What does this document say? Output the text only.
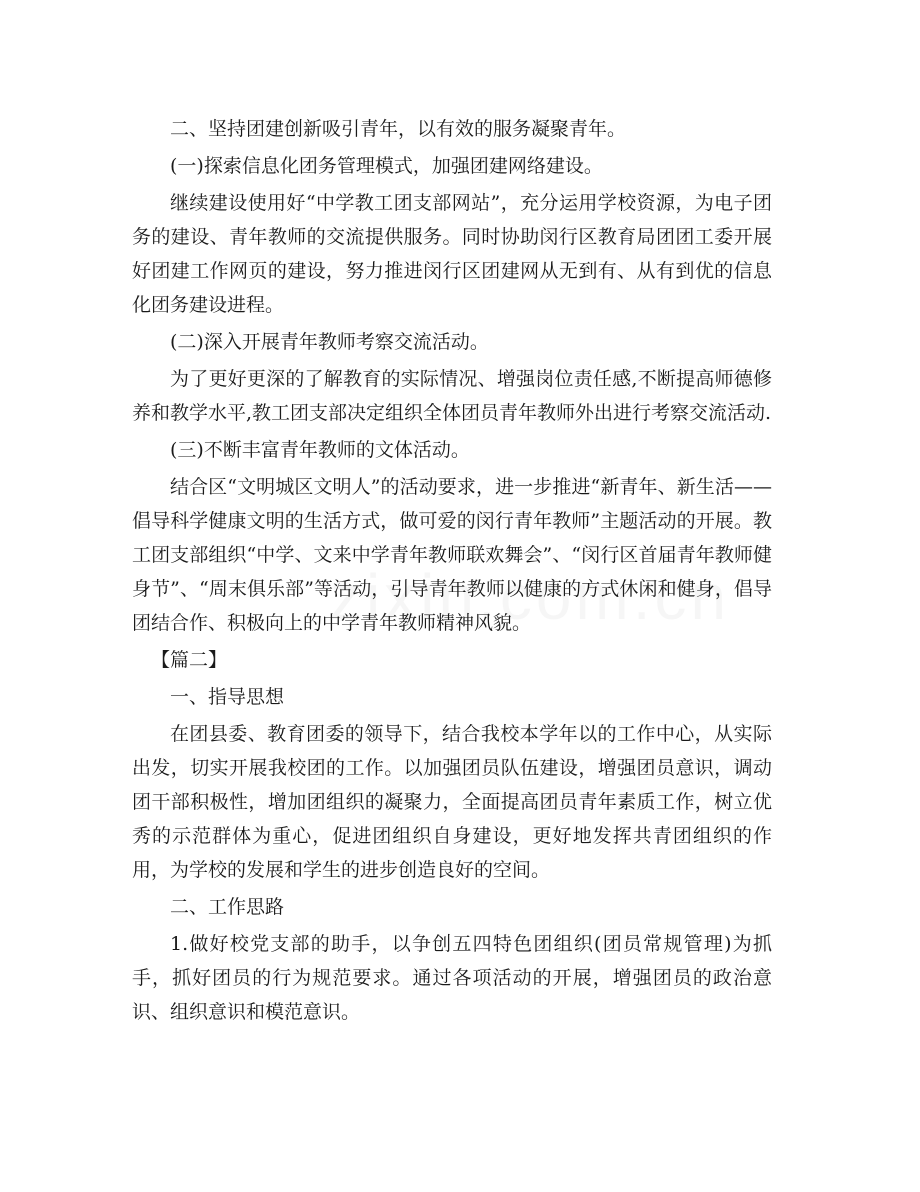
二、坚持团建创新吸引青年，以有效的服务凝聚青年。

(一)探索信息化团务管理模式，加强团建网络建设。

继续建设使用好“中学教工团支部网站”，充分运用学校资源，为电子团务的建设、青年教师的交流提供服务。同时协助闵行区教育局团团工委开展好团建工作网页的建设，努力推进闵行区团建网从无到有、从有到优的信息化团务建设进程。

(二)深入开展青年教师考察交流活动。

为了更好更深的了解教育的实际情况、增强岗位责任感,不断提高师德修养和教学水平,教工团支部决定组织全体团员青年教师外出进行考察交流活动.

(三)不断丰富青年教师的文体活动。

结合区“文明城区文明人”的活动要求，进一步推进“新青年、新生活——倡导科学健康文明的生活方式，做可爱的闵行青年教师”主题活动的开展。教工团支部组织“中学、文来中学青年教师联欢舞会”、“闵行区首届青年教师健身节”、“周末俱乐部”等活动，引导青年教师以健康的方式休闲和健身，倡导团结合作、积极向上的中学青年教师精神风貌。

【篇二】

一、指导思想

在团县委、教育团委的领导下，结合我校本学年以的工作中心，从实际出发，切实开展我校团的工作。以加强团员队伍建设，增强团员意识，调动团干部积极性，增加团组织的凝聚力，全面提高团员青年素质工作，树立优秀的示范群体为重心，促进团组织自身建设，更好地发挥共青团组织的作用，为学校的发展和学生的进步创造良好的空间。

二、工作思路

1.做好校党支部的助手，以争创五四特色团组织(团员常规管理)为抓手，抓好团员的行为规范要求。通过各项活动的开展，增强团员的政治意识、组织意识和模范意识。
